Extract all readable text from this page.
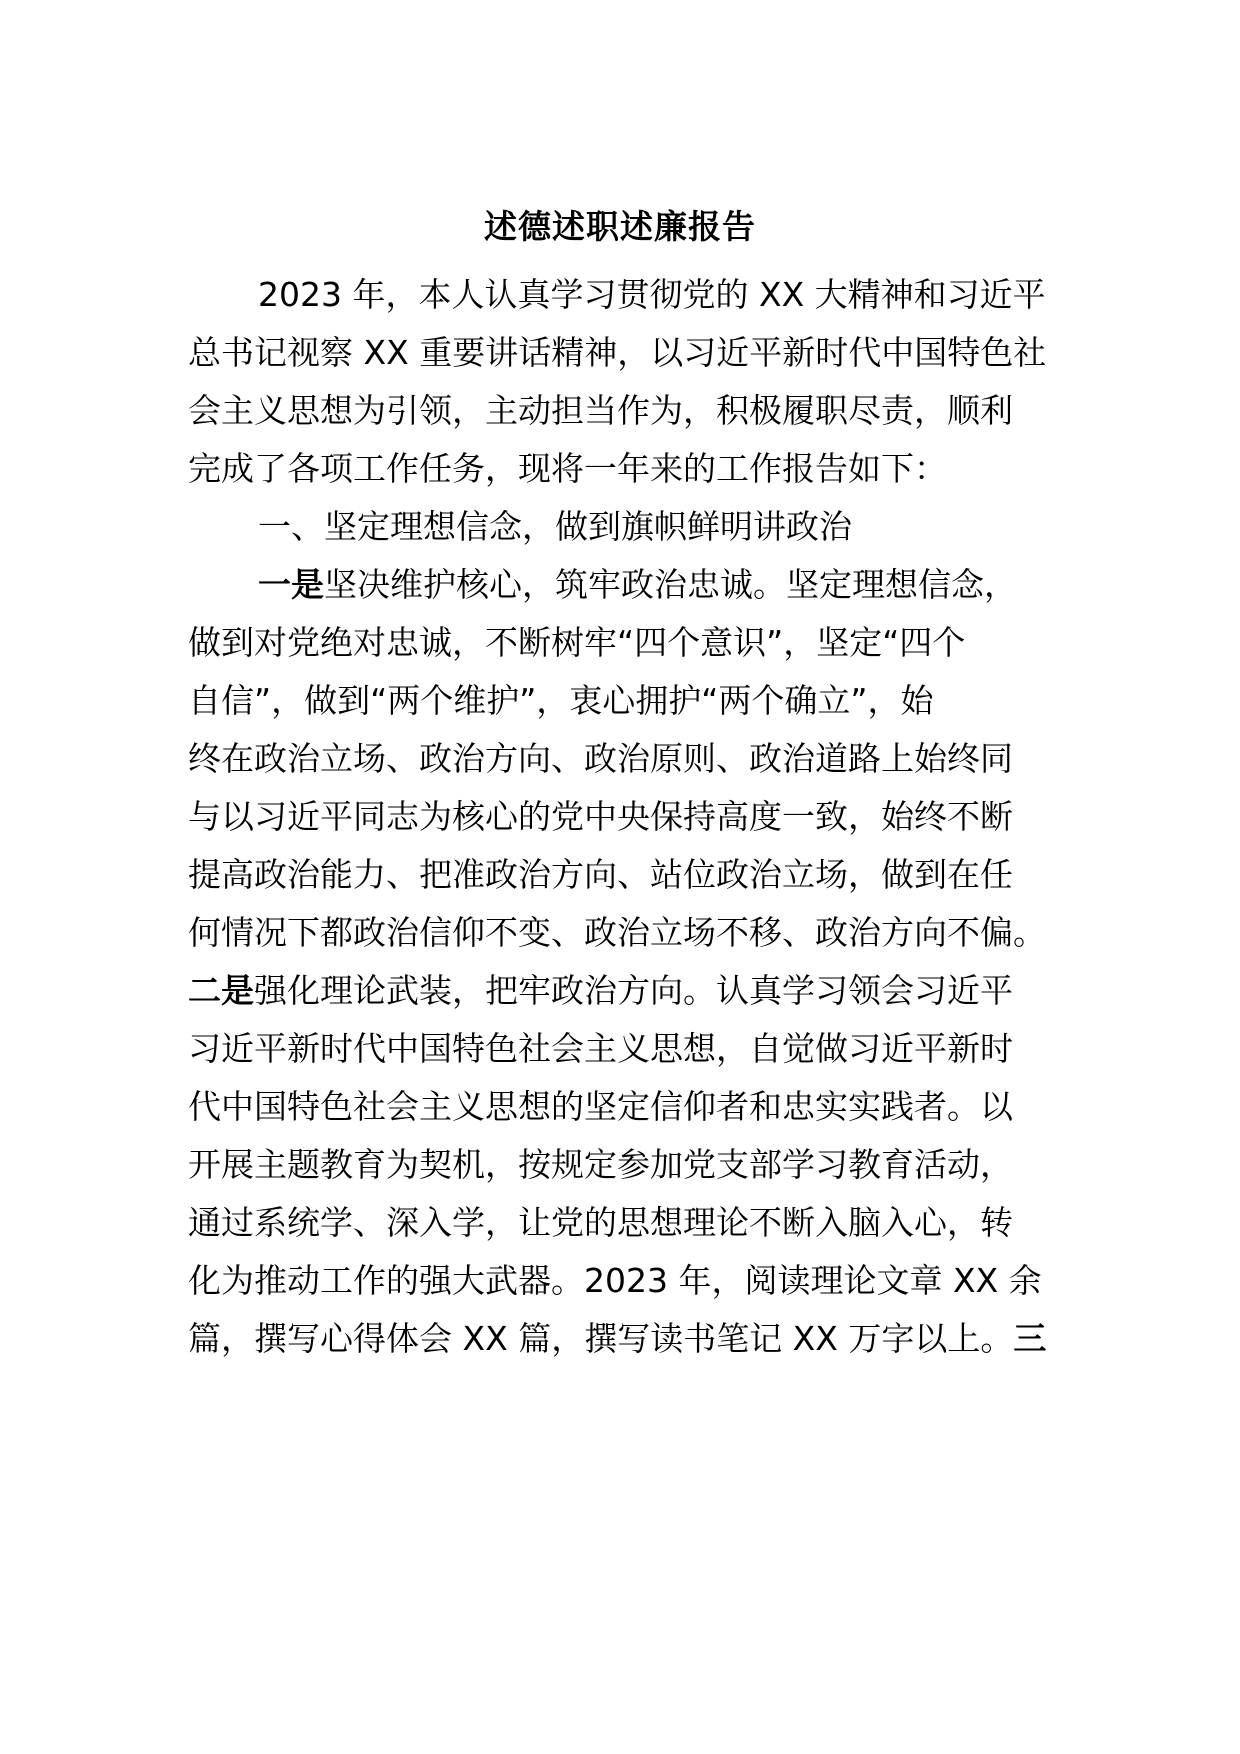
述德述职述廉报告

2023 年，本人认真学习贯彻党的 XX 大精神和习近平

总书记视察 XX 重要讲话精神，以习近平新时代中国特色社

会主义思想为引领，主动担当作为，积极履职尽责，顺利

完成了各项工作任务，现将一年来的工作报告如下：

一、坚定理想信念，做到旗帜鲜明讲政治

一是坚决维护核心，筑牢政治忠诚。坚定理想信念，

做到对党绝对忠诚，不断树牢“四个意识”，坚定“四个

自信”，做到“两个维护”，衷心拥护“两个确立”，始

终在政治立场、政治方向、政治原则、政治道路上始终同

与以习近平同志为核心的党中央保持高度一致，始终不断

提高政治能力、把准政治方向、站位政治立场，做到在任

何情况下都政治信仰不变、政治立场不移、政治方向不偏。

二是强化理论武装，把牢政治方向。认真学习领会习近平

习近平新时代中国特色社会主义思想，自觉做习近平新时

代中国特色社会主义思想的坚定信仰者和忠实实践者。以

开展主题教育为契机，按规定参加党支部学习教育活动，

通过系统学、深入学，让党的思想理论不断入脑入心，转

化为推动工作的强大武器。2023 年，阅读理论文章 XX 余

篇，撰写心得体会 XX 篇，撰写读书笔记 XX 万字以上。三
